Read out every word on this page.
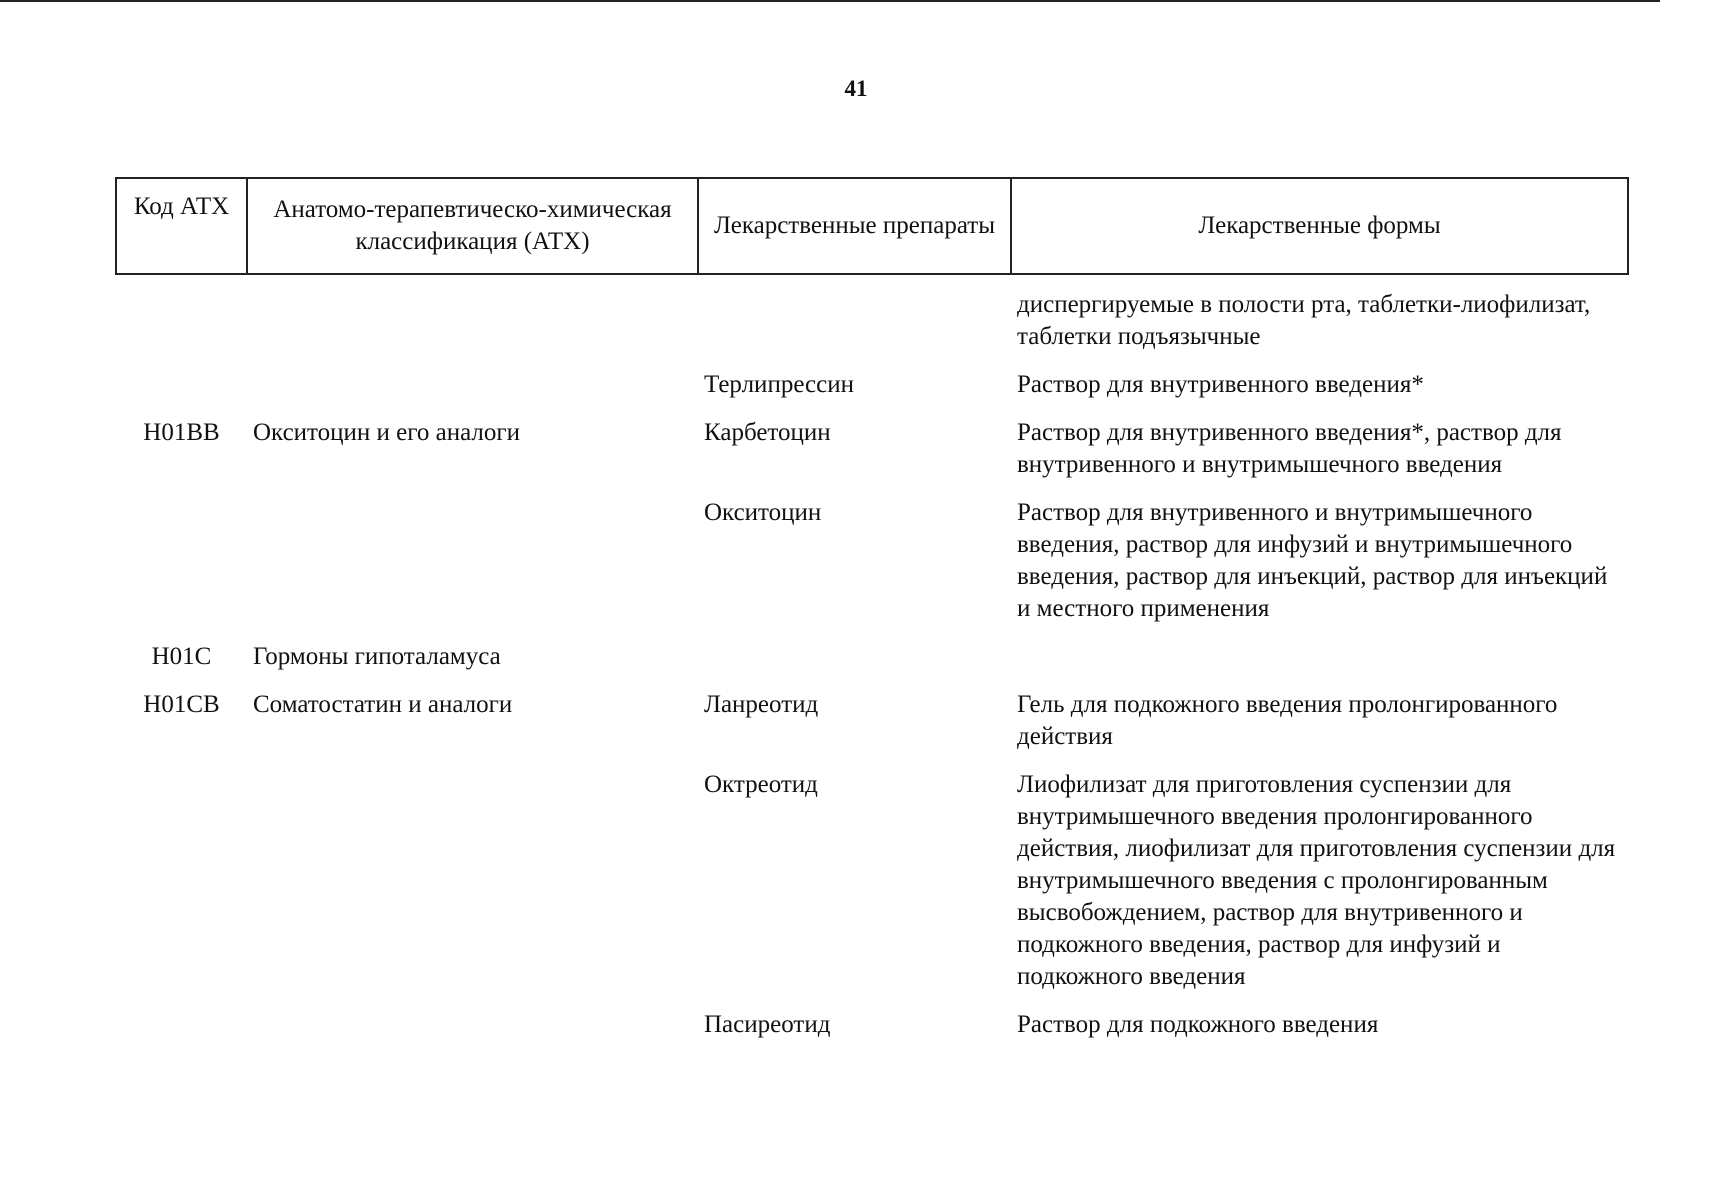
41
Код АТХ	Анатомо-терапевтическо-химическая классификация (АТХ)	Лекарственные препараты	Лекарственные формы
			диспергируемые в полости рта, таблетки-лиофилизат, таблетки подъязычные
		Терлипрессин	Раствор для внутривенного введения*
H01BB	Окситоцин и его аналоги	Карбетоцин	Раствор для внутривенного введения*, раствор для внутривенного и внутримышечного введения
		Окситоцин	Раствор для внутривенного и внутримышечного введения, раствор для инфузий и внутримышечного введения, раствор для инъекций, раствор для инъекций и местного применения
H01C	Гормоны гипоталамуса		
H01CB	Соматостатин и аналоги	Ланреотид	Гель для подкожного введения пролонгированного действия
		Октреотид	Лиофилизат для приготовления суспензии для внутримышечного введения пролонгированного действия, лиофилизат для приготовления суспензии для внутримышечного введения с пролонгированным высвобождением, раствор для внутривенного и подкожного введения, раствор для инфузий и подкожного введения
		Пасиреотид	Раствор для подкожного введения
